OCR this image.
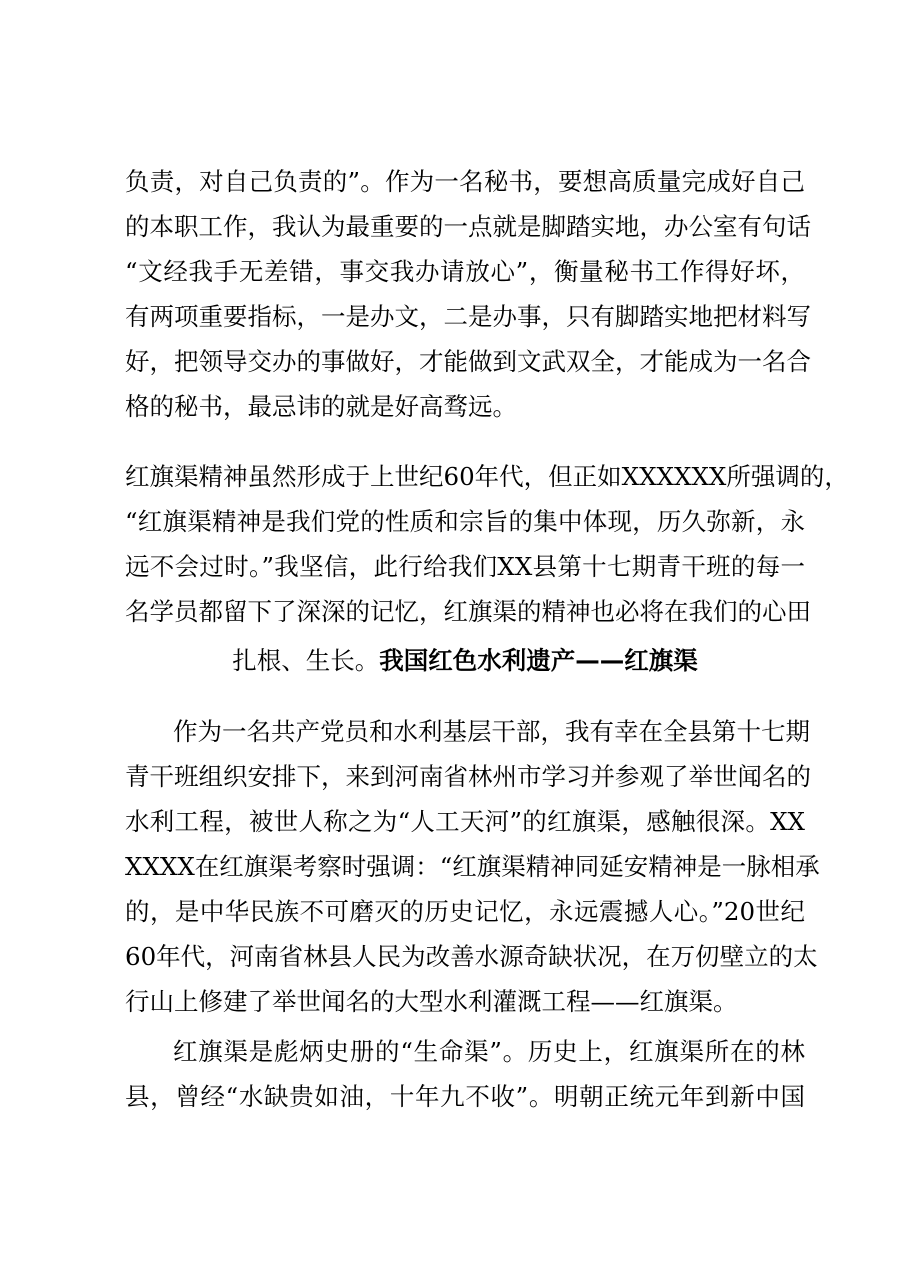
负责，对自己负责的”。作为一名秘书，要想高质量完成好自己
的本职工作，我认为最重要的一点就是脚踏实地，办公室有句话
“文经我手无差错，事交我办请放心”，衡量秘书工作得好坏，
有两项重要指标，一是办文，二是办事，只有脚踏实地把材料写
好，把领导交办的事做好，才能做到文武双全，才能成为一名合
格的秘书，最忌讳的就是好高骛远。
红旗渠精神虽然形成于上世纪60年代，但正如XXXXXX所强调的，
“红旗渠精神是我们党的性质和宗旨的集中体现，历久弥新，永
远不会过时。”我坚信，此行给我们XX县第十七期青干班的每一
名学员都留下了深深的记忆，红旗渠的精神也必将在我们的心田
扎根、生长。我国红色水利遗产——红旗渠
作为一名共产党员和水利基层干部，我有幸在全县第十七期
青干班组织安排下，来到河南省林州市学习并参观了举世闻名的
水利工程，被世人称之为“人工天河”的红旗渠，感触很深。XX
XXXX在红旗渠考察时强调：“红旗渠精神同延安精神是一脉相承
的，是中华民族不可磨灭的历史记忆，永远震撼人心。”20世纪
60年代，河南省林县人民为改善水源奇缺状况，在万仞壁立的太
行山上修建了举世闻名的大型水利灌溉工程——红旗渠。
红旗渠是彪炳史册的“生命渠”。历史上，红旗渠所在的林
县，曾经“水缺贵如油，十年九不收”。明朝正统元年到新中国
